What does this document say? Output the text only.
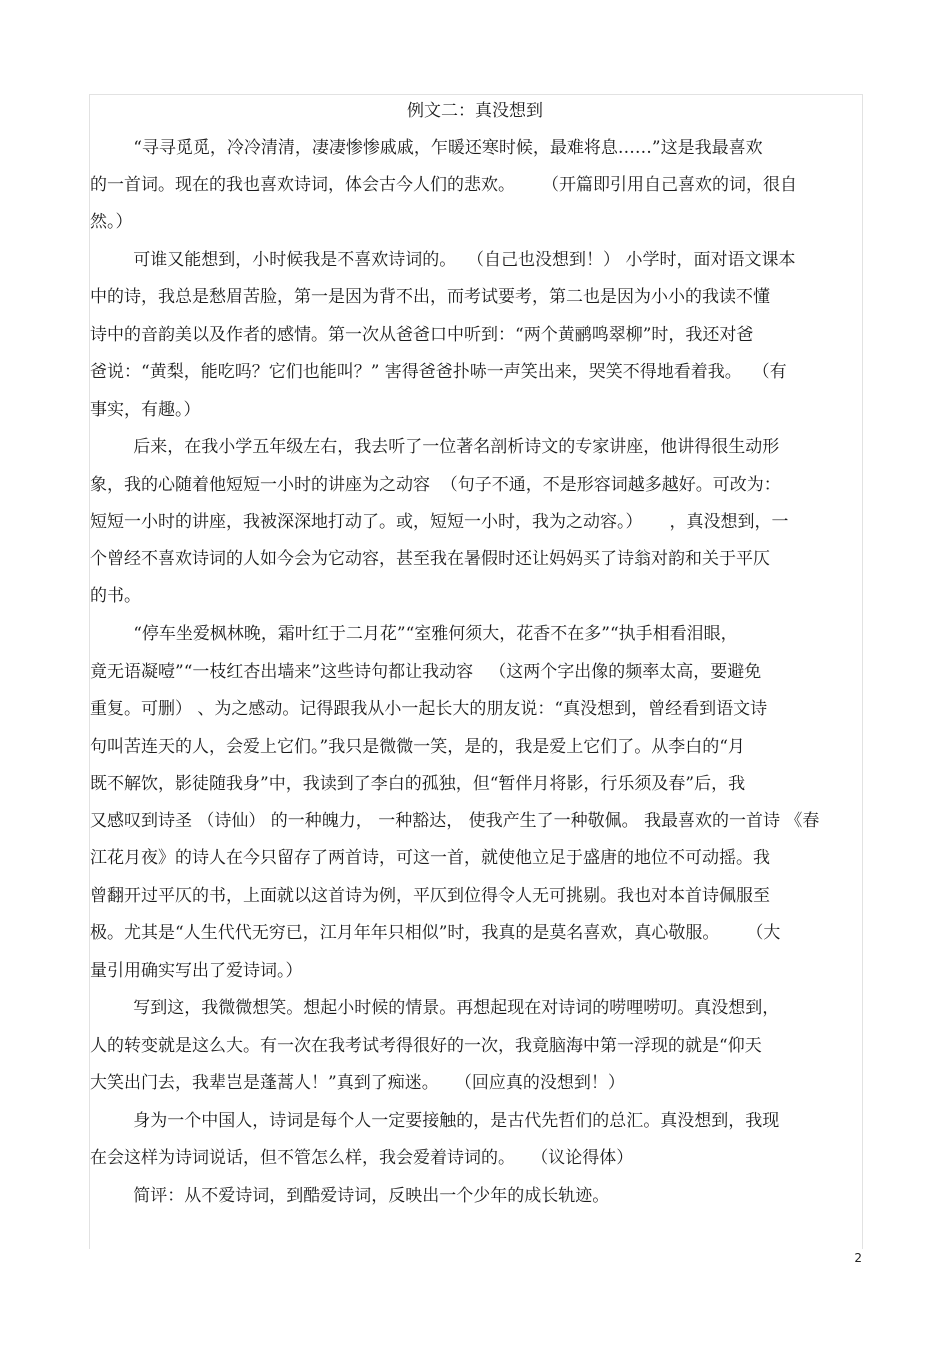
例文二：真没想到
“寻寻觅觅，冷冷清清，凄凄惨惨戚戚，乍暖还寒时候，最难将息……”这是我最喜欢
的一首词。现在的我也喜欢诗词，体会古今人们的悲欢。     （开篇即引用自己喜欢的词，很自
然。）
可谁又能想到，小时候我是不喜欢诗词的。  （自己也没想到！） 小学时，面对语文课本
中的诗，我总是愁眉苦脸，第一是因为背不出，而考试要考，第二也是因为小小的我读不懂
诗中的音韵美以及作者的感情。第一次从爸爸口中听到：“两个黄鹂鸣翠柳”时，我还对爸
爸说：“黄梨，能吃吗？它们也能叫？” 害得爸爸扑哧一声笑出来，哭笑不得地看着我。  （有
事实，有趣。）
后来，在我小学五年级左右，我去听了一位著名剖析诗文的专家讲座，他讲得很生动形
象，我的心随着他短短一小时的讲座为之动容  （句子不通，不是形容词越多越好。可改为：
短短一小时的讲座，我被深深地打动了。或，短短一小时，我为之动容。）     ，真没想到，一
个曾经不喜欢诗词的人如今会为它动容，甚至我在暑假时还让妈妈买了诗翁对韵和关于平仄
的书。
“停车坐爱枫林晚，霜叶红于二月花”“室雅何须大，花香不在多”“执手相看泪眼，
竟无语凝噎”“一枝红杏出墙来”这些诗句都让我动容   （这两个字出像的频率太高，要避免
重复。可删） 、为之感动。记得跟我从小一起长大的朋友说：“真没想到，曾经看到语文诗
句叫苦连天的人，会爱上它们。”我只是微微一笑，是的，我是爱上它们了。从李白的“月
既不解饮，影徒随我身”中，我读到了李白的孤独，但“暂伴月将影，行乐须及春”后，我
又感叹到诗圣 （诗仙） 的一种魄力， 一种豁达， 使我产生了一种敬佩。 我最喜欢的一首诗 《春
江花月夜》的诗人在今只留存了两首诗，可这一首，就使他立足于盛唐的地位不可动摇。我
曾翻开过平仄的书，上面就以这首诗为例，平仄到位得令人无可挑剔。我也对本首诗佩服至
极。尤其是“人生代代无穷已，江月年年只相似”时，我真的是莫名喜欢，真心敬服。     （大
量引用确实写出了爱诗词。）
写到这，我微微想笑。想起小时候的情景。再想起现在对诗词的唠哩唠叨。真没想到，
人的转变就是这么大。有一次在我考试考得很好的一次，我竟脑海中第一浮现的就是“仰天
大笑出门去，我辈岂是蓬蒿人！”真到了痴迷。   （回应真的没想到！）
身为一个中国人，诗词是每个人一定要接触的，是古代先哲们的总汇。真没想到，我现
在会这样为诗词说话，但不管怎么样，我会爱着诗词的。   （议论得体）
简评：从不爱诗词，到酷爱诗词，反映出一个少年的成长轨迹。
2
